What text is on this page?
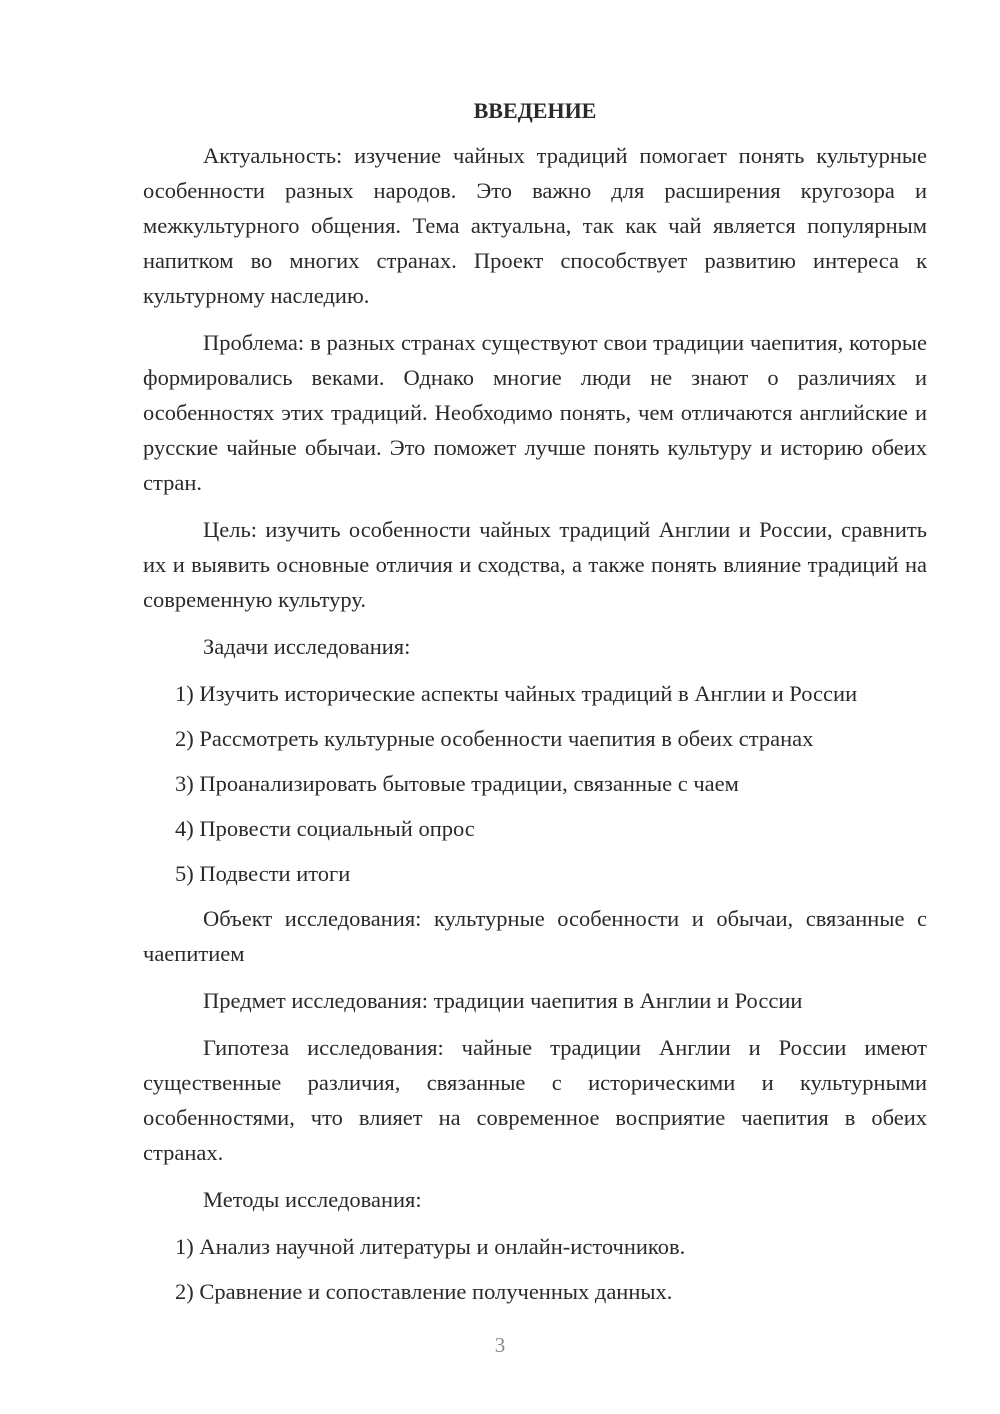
ВВЕДЕНИЕ
Актуальность: изучение чайных традиций помогает понять культурные особенности разных народов. Это важно для расширения кругозора и межкультурного общения. Тема актуальна, так как чай является популярным напитком во многих странах. Проект способствует развитию интереса к культурному наследию.
Проблема: в разных странах существуют свои традиции чаепития, которые формировались веками. Однако многие люди не знают о различиях и особенностях этих традиций. Необходимо понять, чем отличаются английские и русские чайные обычаи. Это поможет лучше понять культуру и историю обеих стран.
Цель: изучить особенности чайных традиций Англии и России, сравнить их и выявить основные отличия и сходства, а также понять влияние традиций на современную культуру.
Задачи исследования:
1) Изучить исторические аспекты чайных традиций в Англии и России
2) Рассмотреть культурные особенности чаепития в обеих странах
3) Проанализировать бытовые традиции, связанные с чаем
4) Провести социальный опрос
5) Подвести итоги
Объект исследования: культурные особенности и обычаи, связанные с чаепитием
Предмет исследования: традиции чаепития в Англии и России
Гипотеза исследования: чайные традиции Англии и России имеют существенные различия, связанные с историческими и культурными особенностями, что влияет на современное восприятие чаепития в обеих странах.
Методы исследования:
1) Анализ научной литературы и онлайн-источников.
2) Сравнение и сопоставление полученных данных.
3
